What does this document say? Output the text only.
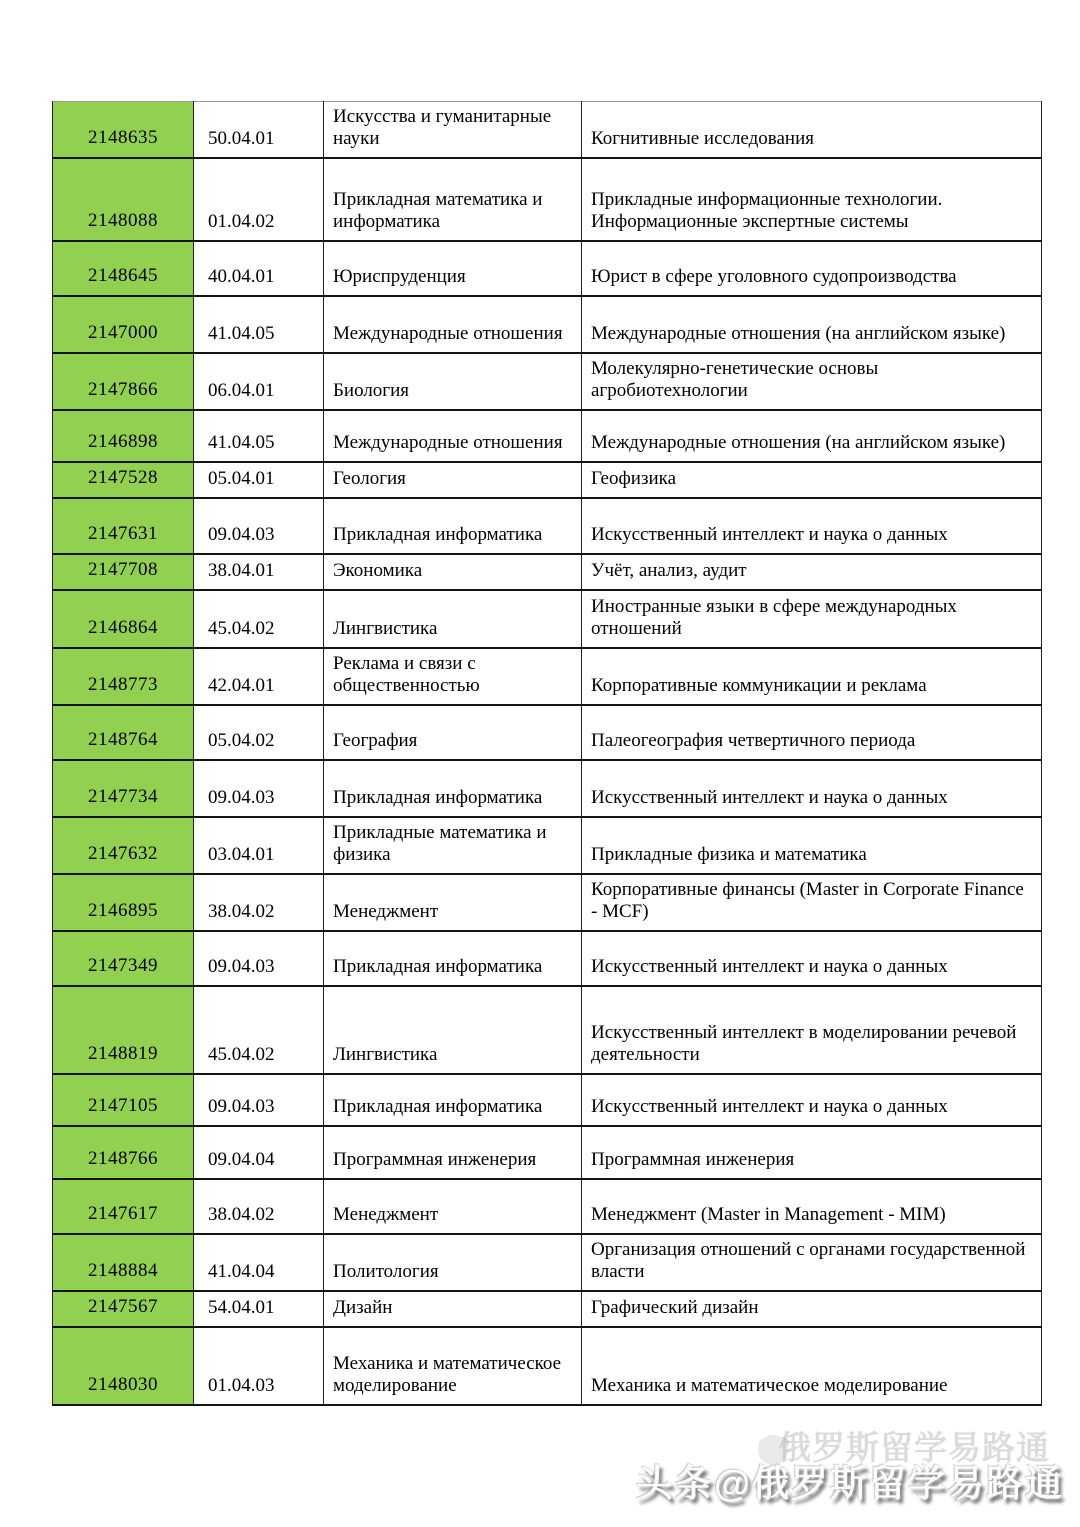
2148635	50.04.01	Искусства и гуманитарные науки	Когнитивные исследования
2148088	01.04.02	Прикладная математика и информатика	Прикладные информационные технологии. Информационные экспертные системы
2148645	40.04.01	Юриспруденция	Юрист в сфере уголовного судопроизводства
2147000	41.04.05	Международные отношения	Международные отношения (на английском языке)
2147866	06.04.01	Биология	Молекулярно-генетические основы агробиотехнологии
2146898	41.04.05	Международные отношения	Международные отношения (на английском языке)
2147528	05.04.01	Геология	Геофизика
2147631	09.04.03	Прикладная информатика	Искусственный интеллект и наука о данных
2147708	38.04.01	Экономика	Учёт, анализ, аудит
2146864	45.04.02	Лингвистика	Иностранные языки в сфере международных отношений
2148773	42.04.01	Реклама и связи с общественностью	Корпоративные коммуникации и реклама
2148764	05.04.02	География	Палеогеография четвертичного периода
2147734	09.04.03	Прикладная информатика	Искусственный интеллект и наука о данных
2147632	03.04.01	Прикладные математика и физика	Прикладные физика и математика
2146895	38.04.02	Менеджмент	Корпоративные финансы (Master in Corporate Finance - MCF)
2147349	09.04.03	Прикладная информатика	Искусственный интеллект и наука о данных
2148819	45.04.02	Лингвистика	Искусственный интеллект в моделировании речевой деятельности
2147105	09.04.03	Прикладная информатика	Искусственный интеллект и наука о данных
2148766	09.04.04	Программная инженерия	Программная инженерия
2147617	38.04.02	Менеджмент	Менеджмент (Master in Management - MIM)
2148884	41.04.04	Политология	Организация отношений с органами государственной власти
2147567	54.04.01	Дизайн	Графический дизайн
2148030	01.04.03	Механика и математическое моделирование	Механика и математическое моделирование
俄罗斯留学易路通
头条@俄罗斯留学易路通
